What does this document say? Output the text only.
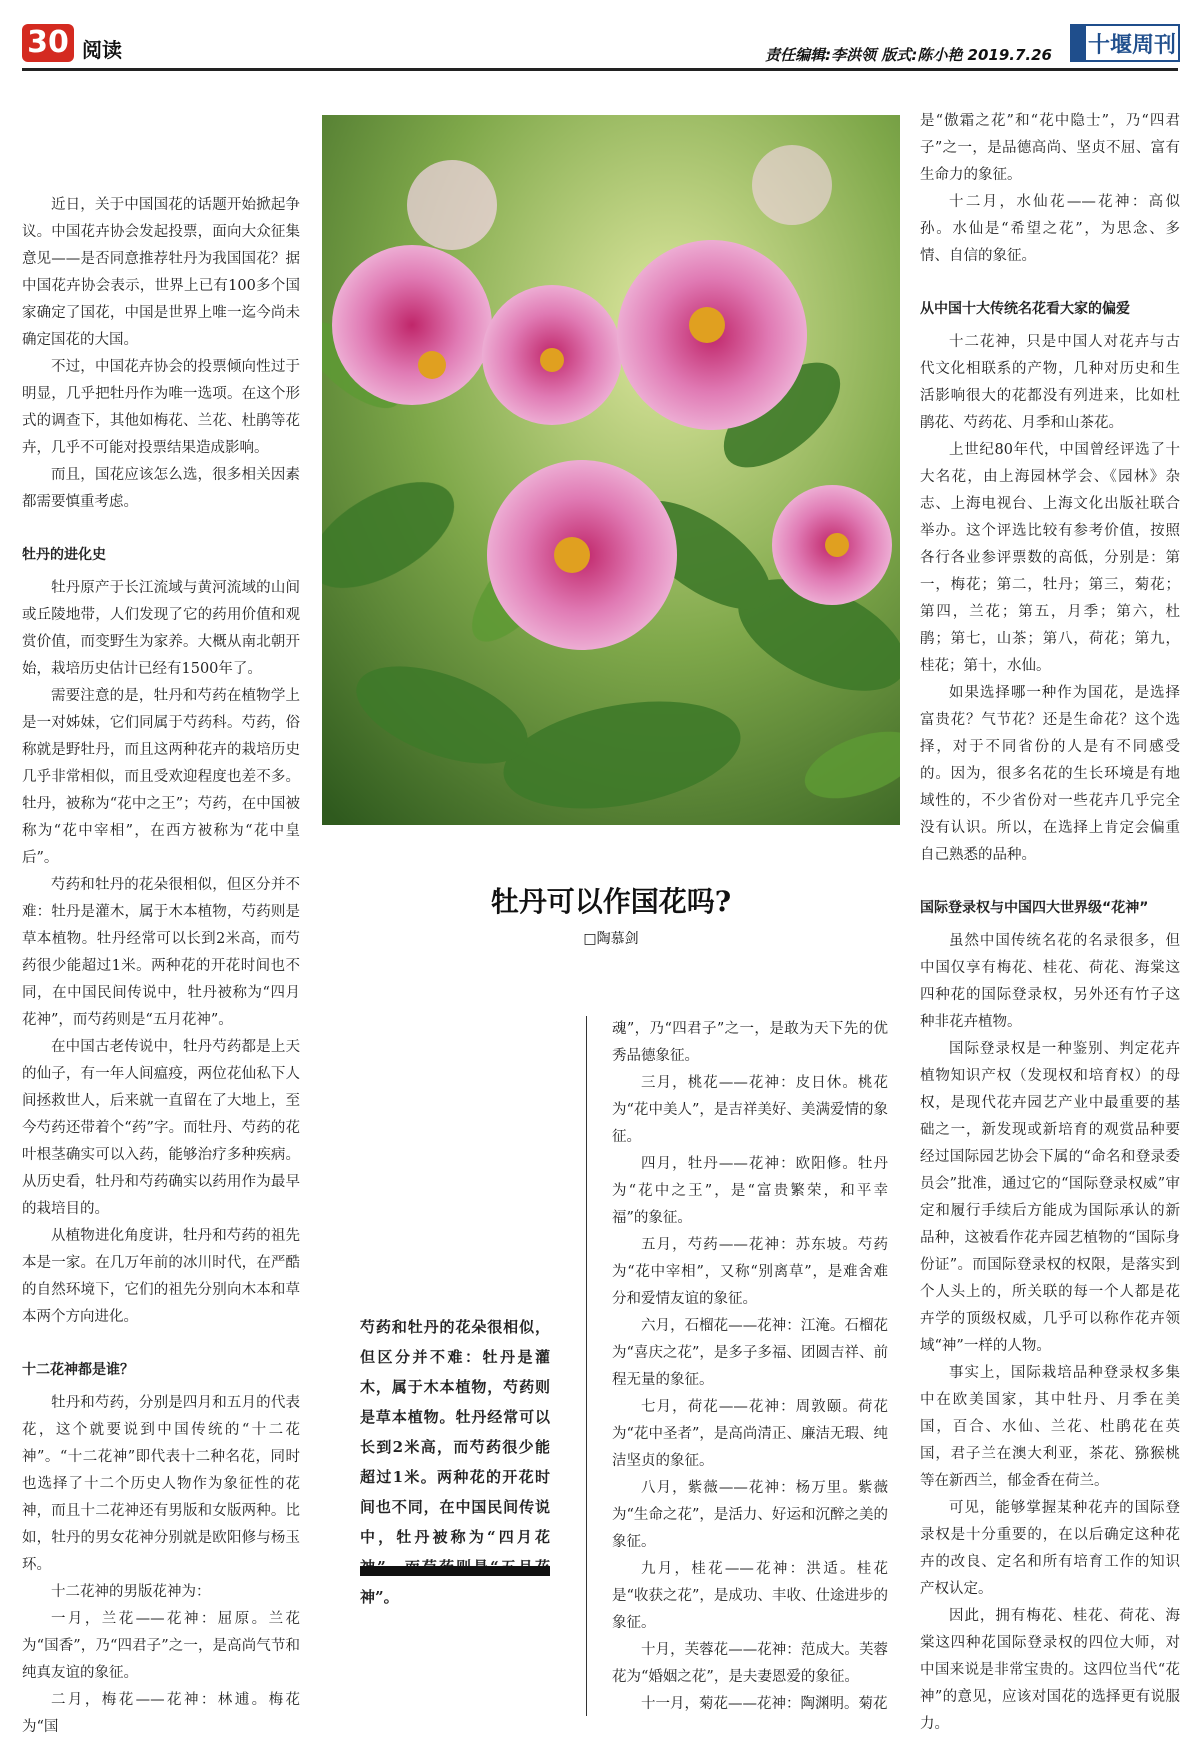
30 阅读	责任编辑:李洪领 版式:陈小艳 2019.7.26 十堰周刊

近日，关于中国国花的话题开始掀起争议。中国花卉协会发起投票，面向大众征集意见——是否同意推荐牡丹为我国国花？据中国花卉协会表示，世界上已有100多个国家确定了国花，中国是世界上唯一迄今尚未确定国花的大国。

不过，中国花卉协会的投票倾向性过于明显，几乎把牡丹作为唯一选项。在这个形式的调查下，其他如梅花、兰花、杜鹃等花卉，几乎不可能对投票结果造成影响。

而且，国花应该怎么选，很多相关因素都需要慎重考虑。

牡丹的进化史

牡丹原产于长江流域与黄河流域的山间或丘陵地带，人们发现了它的药用价值和观赏价值，而变野生为家养。大概从南北朝开始，栽培历史估计已经有1500年了。

需要注意的是，牡丹和芍药在植物学上是一对姊妹，它们同属于芍药科。芍药，俗称就是野牡丹，而且这两种花卉的栽培历史几乎非常相似，而且受欢迎程度也差不多。牡丹，被称为“花中之王”；芍药，在中国被称为“花中宰相”，在西方被称为“花中皇后”。

芍药和牡丹的花朵很相似，但区分并不难：牡丹是灌木，属于木本植物，芍药则是草本植物。牡丹经常可以长到2米高，而芍药很少能超过1米。两种花的开花时间也不同，在中国民间传说中，牡丹被称为“四月花神”，而芍药则是“五月花神”。

在中国古老传说中，牡丹芍药都是上天的仙子，有一年人间瘟疫，两位花仙私下人间拯救世人，后来就一直留在了大地上，至今芍药还带着个“药”字。而牡丹、芍药的花叶根茎确实可以入药，能够治疗多种疾病。从历史看，牡丹和芍药确实以药用作为最早的栽培目的。

从植物进化角度讲，牡丹和芍药的祖先本是一家。在几万年前的冰川时代，在严酷的自然环境下，它们的祖先分别向木本和草本两个方向进化。

十二花神都是谁？

牡丹和芍药，分别是四月和五月的代表花，这个就要说到中国传统的“十二花神”。“十二花神”即代表十二种名花，同时也选择了十二个历史人物作为象征性的花神，而且十二花神还有男版和女版两种。比如，牡丹的男女花神分别就是欧阳修与杨玉环。

十二花神的男版花神为：

一月，兰花——花神：屈原。兰花为“国香”，乃“四君子”之一，是高尚气节和纯真友谊的象征。

二月，梅花——花神：林逋。梅花为“国

牡丹可以作国花吗?
□陶慕剑
芍药和牡丹的花朵很相似，但区分并不难：牡丹是灌木，属于木本植物，芍药则是草本植物。牡丹经常可以长到2米高，而芍药很少能超过1米。两种花的开花时间也不同，在中国民间传说中，牡丹被称为“四月花 神”。

魂”，乃“四君子”之一，是敢为天下先的优秀品德象征。

三月，桃花——花神：皮日休。桃花为“花中美人”，是吉祥美好、美满爱情的象征。

四月，牡丹——花神：欧阳修。牡丹为“花中之王”，是“富贵繁荣，和平幸福”的象征。

五月，芍药——花神：苏东坡。芍药为“花中宰相”，又称“别离草”，是难舍难分和爱情友谊的象征。

六月，石榴花——花神：江淹。石榴花为“喜庆之花”，是多子多福、团圆吉祥、前程无量的象征。

七月，荷花——花神：周敦颐。荷花为“花中圣者”，是高尚清正、廉洁无瑕、纯洁坚贞的象征。

八月，紫薇——花神：杨万里。紫薇为“生命之花”，是活力、好运和沉醉之美的象征。

九月，桂花——花神：洪适。桂花是“收获之花”，是成功、丰收、仕途进步的象征。

十月，芙蓉花——花神：范成大。芙蓉花为“婚姻之花”，是夫妻恩爱的象征。

十一月，菊花——花神：陶渊明。菊花

是“傲霜之花”和“花中隐士”，乃“四君子”之一，是品德高尚、坚贞不屈、富有生命力的象征。

十二月，水仙花——花神：高似孙。水仙是“希望之花”，为思念、多情、自信的象征。

从中国十大传统名花看大家的偏爱

十二花神，只是中国人对花卉与古代文化相联系的产物，几种对历史和生活影响很大的花都没有列进来，比如杜鹃花、芍药花、月季和山茶花。

上世纪80年代，中国曾经评选了十大名花，由上海园林学会、《园林》杂志、上海电视台、上海文化出版社联合举办。这个评选比较有参考价值，按照各行各业参评票数的高低，分别是：第一，梅花；第二，牡丹；第三，菊花；第四，兰花；第五，月季；第六，杜鹃；第七，山茶；第八，荷花；第九，桂花；第十，水仙。

如果选择哪一种作为国花，是选择富贵花？气节花？还是生命花？这个选择，对于不同省份的人是有不同感受的。因为，很多名花的生长环境是有地域性的，不少省份对一些花卉几乎完全没有认识。所以，在选择上肯定会偏重自己熟悉的品种。

国际登录权与中国四大世界级“花神”

虽然中国传统名花的名录很多，但中国仅享有梅花、桂花、荷花、海棠这四种花的国际登录权，另外还有竹子这种非花卉植物。

国际登录权是一种鉴别、判定花卉植物知识产权（发现权和培育权）的母权，是现代花卉园艺产业中最重要的基础之一，新发现或新培育的观赏品种要经过国际园艺协会下属的“命名和登录委员会”批准，通过它的“国际登录权威”审定和履行手续后方能成为国际承认的新品种，这被看作花卉园艺植物的“国际身份证”。而国际登录权的权限，是落实到个人头上的，所关联的每一个人都是花卉学的顶级权威，几乎可以称作花卉领域“神”一样的人物。

事实上，国际栽培品种登录权多集中在欧美国家，其中牡丹、月季在美国，百合、水仙、兰花、杜鹃花在英国，君子兰在澳大利亚，茶花、猕猴桃等在新西兰，郁金香在荷兰。

可见，能够掌握某种花卉的国际登录权是十分重要的，在以后确定这种花卉的改良、定名和所有培育工作的知识产权认定。

因此，拥有梅花、桂花、荷花、海棠这四种花国际登录权的四位大师，对中国来说是非常宝贵的。这四位当代“花神”的意见，应该对国花的选择更有说服力。
